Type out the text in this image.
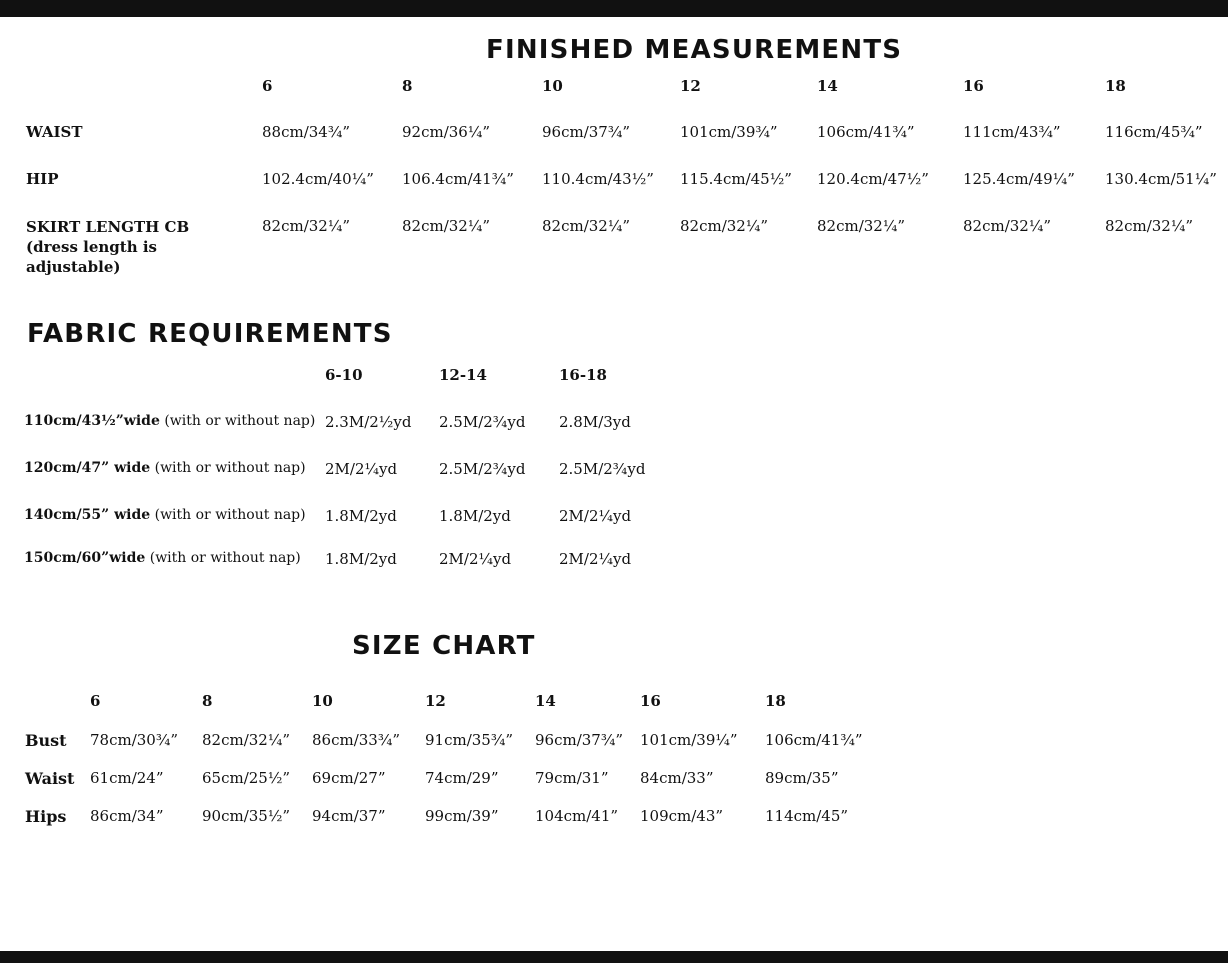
FINISHED MEASUREMENTS
6	8	10	12	14	16	18
WAIST	88cm/34¾”	92cm/36¼”	96cm/37¾”	101cm/39¾”	106cm/41¾”	111cm/43¾”	116cm/45¾”
HIP	102.4cm/40¼” 106.4cm/41¾” 110.4cm/43½” 115.4cm/45½” 120.4cm/47½” 125.4cm/49¼” 130.4cm/51¼”
SKIRT LENGTH CB (dress length is adjustable)
82cm/32¼”	82cm/32¼”	82cm/32¼”	82cm/32¼”	82cm/32¼”	82cm/32¼”	82cm/32¼”
FABRIC REQUIREMENTS
6-10	12-14	16-18
110cm/43½”wide (with or without nap) 2.3M/2½yd 2.5M/2¾yd 2.8M/3yd
120cm/47” wide (with or without nap) 2M/2¼yd	2.5M/2¾yd 2.5M/2¾yd
140cm/55” wide (with or without nap) 1.8M/2yd	1.8M/2yd	2M/2¼yd
150cm/60”wide (with or without nap) 1.8M/2yd	2M/2¼yd	2M/2¼yd
SIZE CHART
6	8	10	12	14	16	18
Bust 78cm/30¾” 82cm/32¼” 86cm/33¾” 91cm/35¾” 96cm/37¾” 101cm/39¼” 106cm/41¾”
Waist 61cm/24”	65cm/25½” 69cm/27”	74cm/29” 79cm/31” 84cm/33”	89cm/35”
Hips 86cm/34”	90cm/35½” 94cm/37”	99cm/39” 104cm/41” 109cm/43”	114cm/45”
